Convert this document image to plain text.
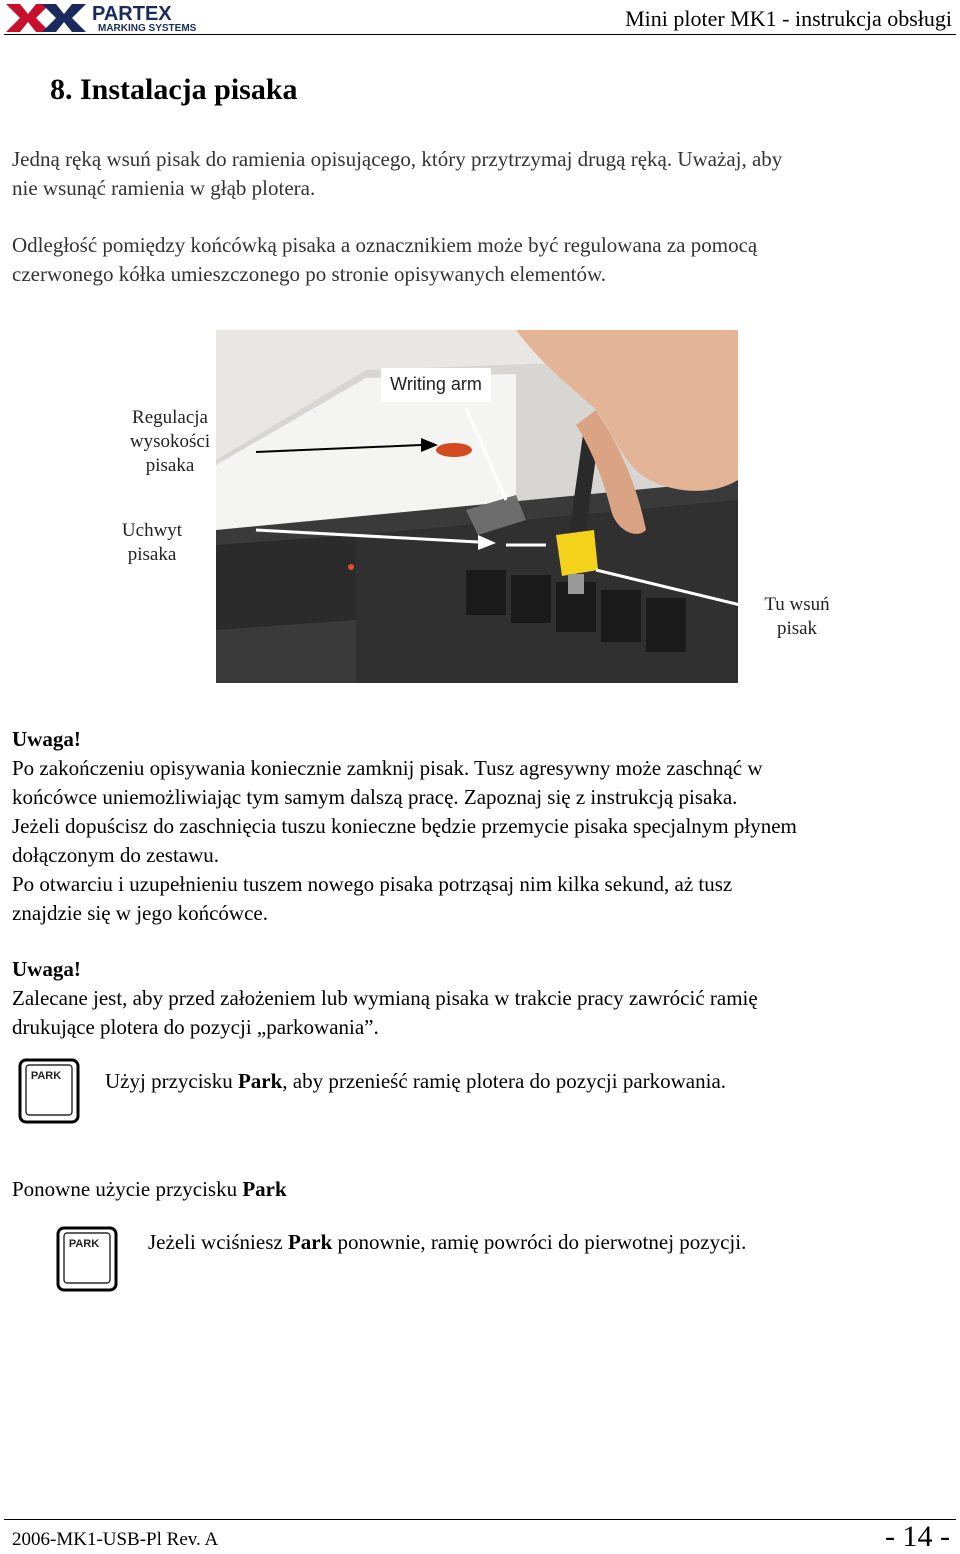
PARTEX
MARKING SYSTEMS	Mini ploter MK1 - instrukcja obsługi
8. Instalacja pisaka
Jedną ręką wsuń pisak do ramienia opisującego, który przytrzymaj drugą ręką. Uważaj, aby
nie wsunąć ramienia w głąb plotera.
Odległość pomiędzy końcówką pisaka a oznacznikiem może być regulowana za pomocą
czerwonego kółka umieszczonego po stronie opisywanych elementów.
Writing arm
Regulacja
wysokości
pisaka
Uchwyt
pisaka
Tu wsuń
pisak
Uwaga!
Po zakończeniu opisywania koniecznie zamknij pisak. Tusz agresywny może zaschnąć w
końcówce uniemożliwiając tym samym dalszą pracę. Zapoznaj się z instrukcją pisaka.
Jeżeli dopuścisz do zaschnięcia tuszu konieczne będzie przemycie pisaka specjalnym płynem
dołączonym do zestawu.
Po otwarciu i uzupełnieniu tuszem nowego pisaka potrząsaj nim kilka sekund, aż tusz
znajdzie się w jego końcówce.
Uwaga!
Zalecane jest, aby przed założeniem lub wymianą pisaka w trakcie pracy zawrócić ramię
drukujące plotera do pozycji „parkowania”.
PARK Użyj przycisku Park, aby przenieść ramię plotera do pozycji parkowania.
Ponowne użycie przycisku Park
PARK Jeżeli wciśniesz Park ponownie, ramię powróci do pierwotnej pozycji.
2006-MK1-USB-Pl Rev. A	- 14 -
